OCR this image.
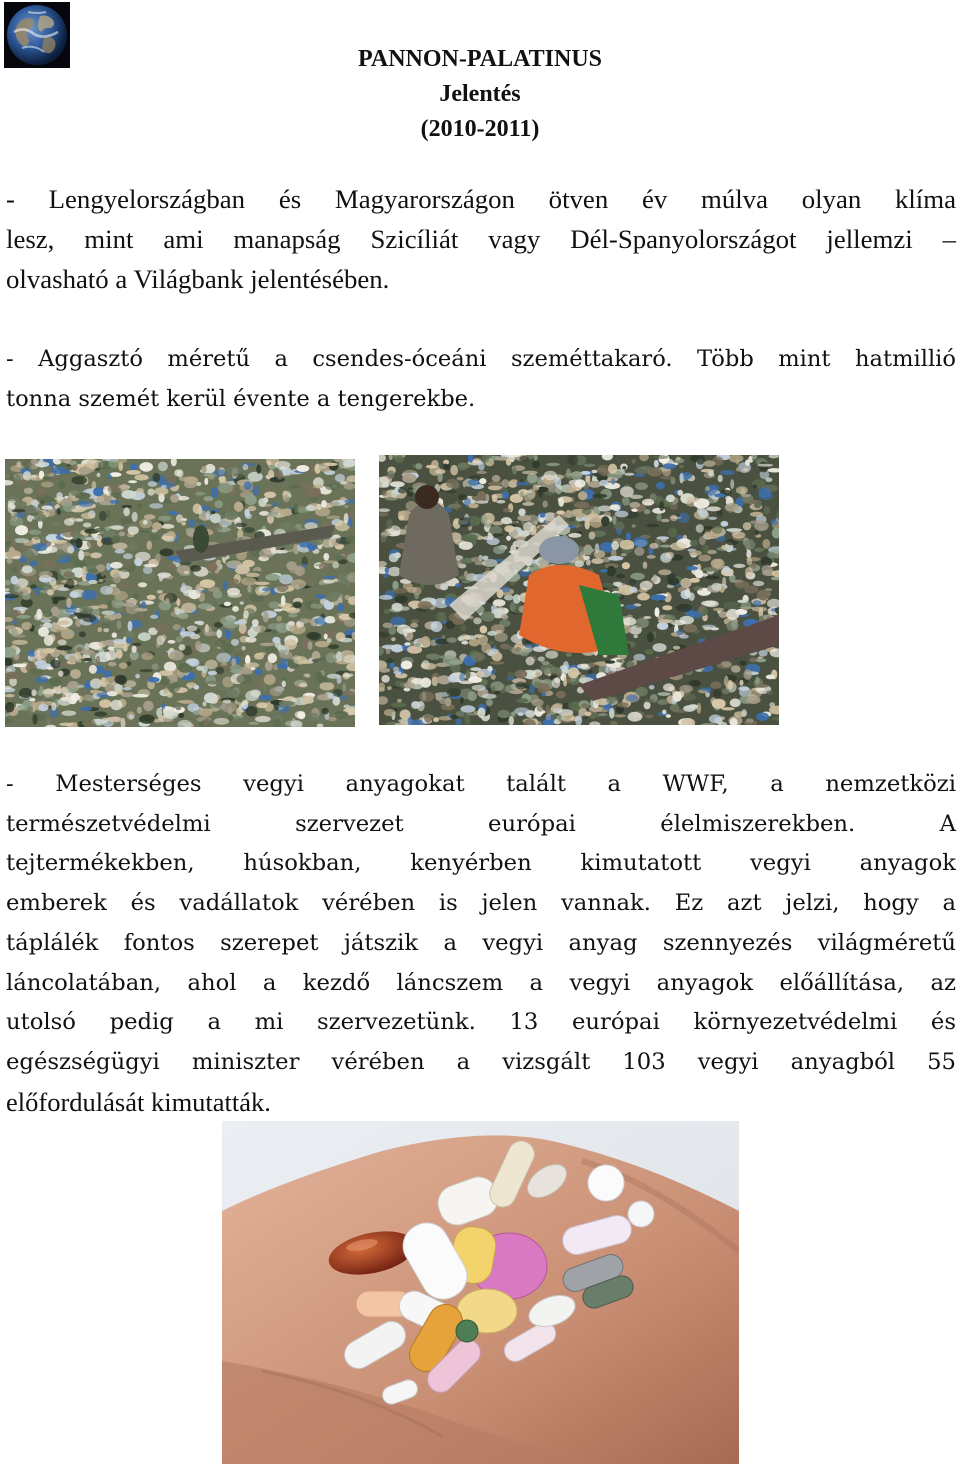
PANNON-PALATINUS
Jelentés
(2010-2011)
- Lengyelországban és Magyarországon ötven év múlva olyan klíma
lesz, mint ami manapság Szicíliát vagy Dél-Spanyolországot jellemzi –
olvasható a Világbank jelentésében.
- Aggasztó méretű a csendes-óceáni szeméttakaró. Több mint hatmillió
tonna szemét kerül évente a tengerekbe.
- Mesterséges vegyi anyagokat talált a WWF, a nemzetközi
természetvédelmi szervezet európai élelmiszerekben. A
tejtermékekben, húsokban, kenyérben kimutatott vegyi anyagok
emberek és vadállatok vérében is jelen vannak. Ez azt jelzi, hogy a
táplálék fontos szerepet játszik a vegyi anyag szennyezés világméretű
láncolatában, ahol a kezdő láncszem a vegyi anyagok előállítása, az
utolsó pedig a mi szervezetünk. 13 európai környezetvédelmi és
egészségügyi miniszter vérében a vizsgált 103 vegyi anyagból 55
előfordulását kimutatták.
